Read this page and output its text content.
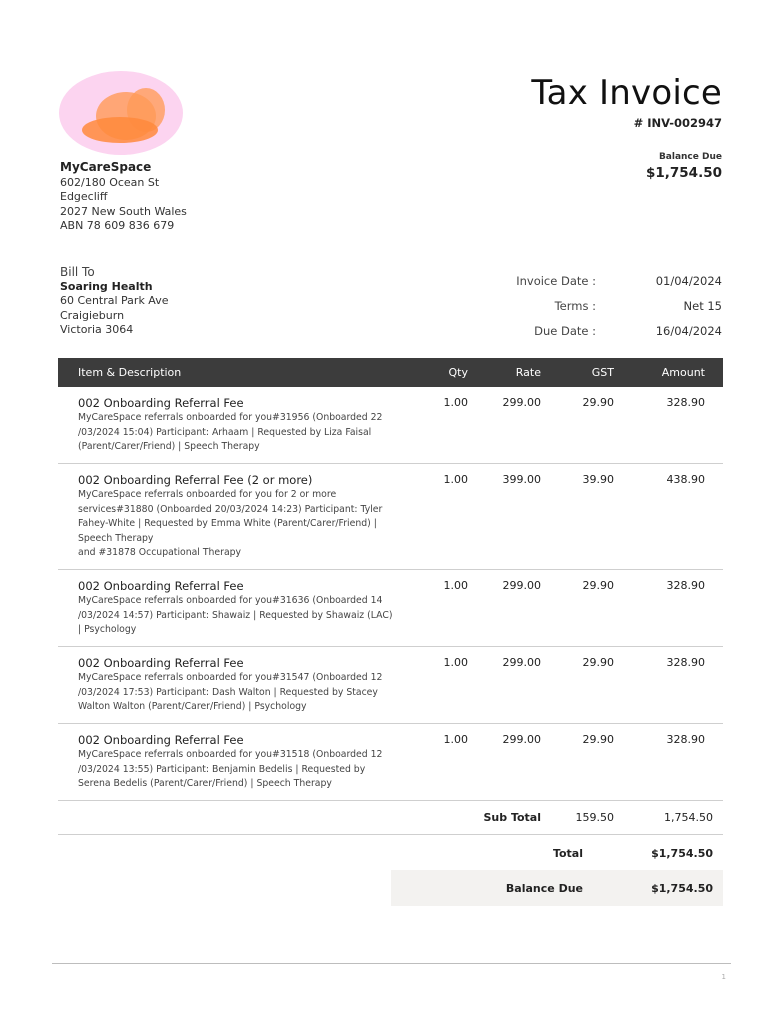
MyCareSpace
602/180 Ocean St
Edgecliff
2027 New South Wales
ABN 78 609 836 679
Tax Invoice
# INV-002947
Balance Due
$1,754.50
Bill To
Soaring Health
60 Central Park Ave
Craigieburn
Victoria 3064
Invoice Date :	01/04/2024
Terms :	Net 15
Due Date :	16/04/2024
Item & Description	Qty	Rate	GST	Amount
002 Onboarding Referral Fee
MyCareSpace referrals onboarded for you#31956 (Onboarded 22
/03/2024 15:04) Participant: Arhaam | Requested by Liza Faisal
(Parent/Carer/Friend) | Speech Therapy
1.00	299.00	29.90	328.90
002 Onboarding Referral Fee (2 or more)
MyCareSpace referrals onboarded for you for 2 or more
services#31880 (Onboarded 20/03/2024 14:23) Participant: Tyler
Fahey-White | Requested by Emma White (Parent/Carer/Friend) |
Speech Therapy
and #31878 Occupational Therapy
1.00	399.00	39.90	438.90
002 Onboarding Referral Fee
MyCareSpace referrals onboarded for you#31636 (Onboarded 14
/03/2024 14:57) Participant: Shawaiz | Requested by Shawaiz (LAC)
| Psychology
1.00	299.00	29.90	328.90
002 Onboarding Referral Fee
MyCareSpace referrals onboarded for you#31547 (Onboarded 12
/03/2024 17:53) Participant: Dash Walton | Requested by Stacey
Walton Walton (Parent/Carer/Friend) | Psychology
1.00	299.00	29.90	328.90
002 Onboarding Referral Fee
MyCareSpace referrals onboarded for you#31518 (Onboarded 12
/03/2024 13:55) Participant: Benjamin Bedelis | Requested by
Serena Bedelis (Parent/Carer/Friend) | Speech Therapy
1.00	299.00	29.90	328.90
Sub Total	159.50	1,754.50
Total	$1,754.50
Balance Due	$1,754.50
1
